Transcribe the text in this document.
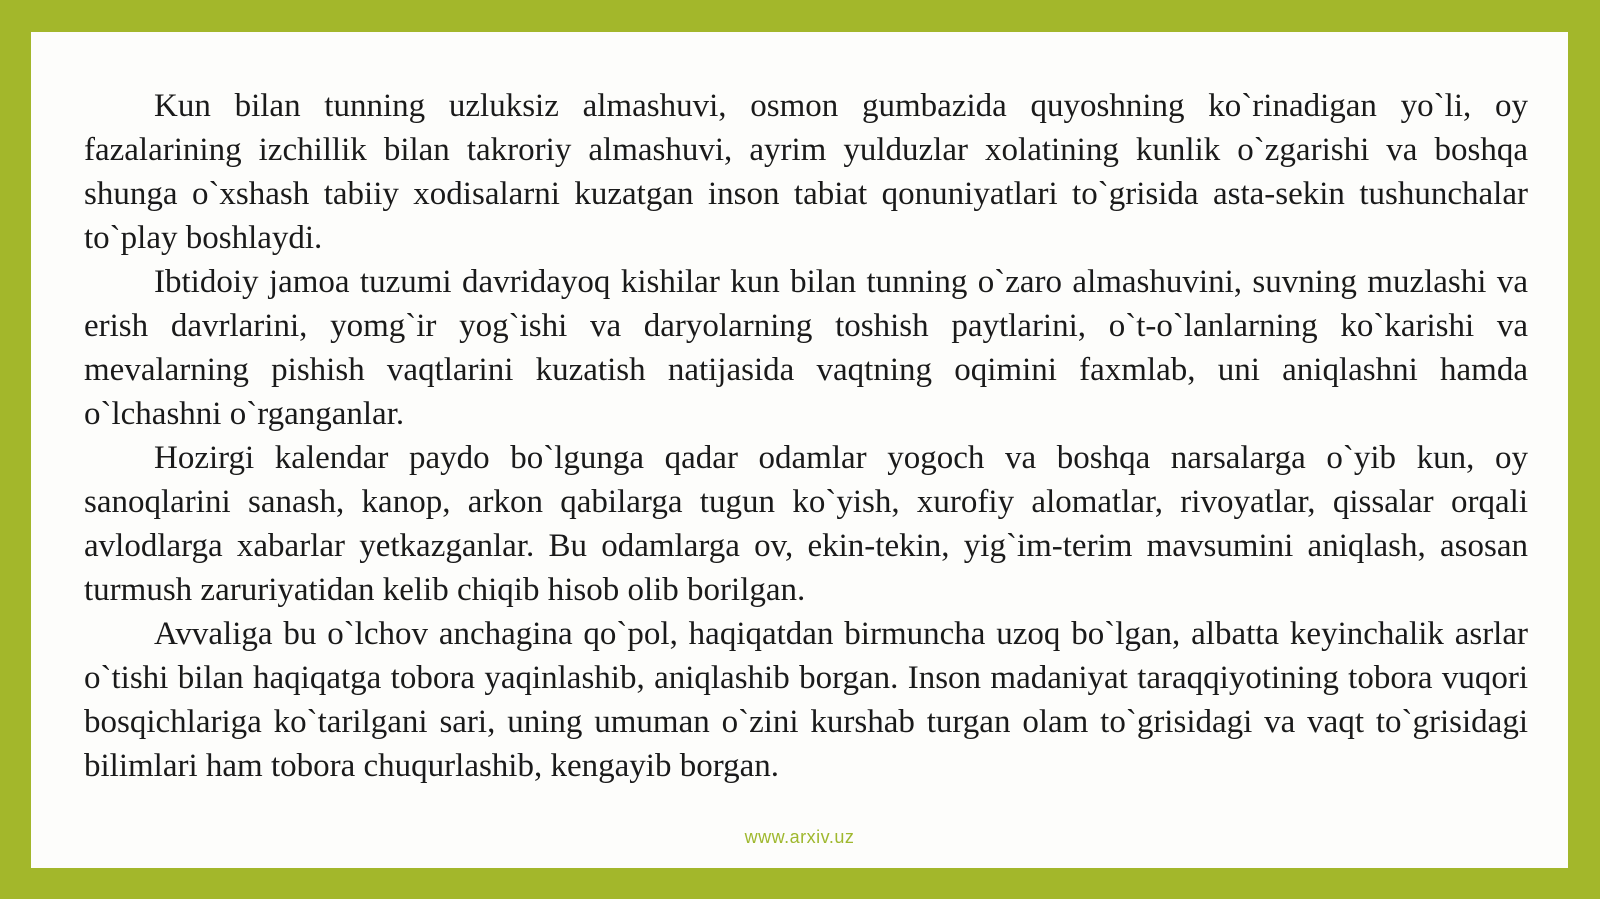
Kun bilan tunning uzluksiz almashuvi, osmon gumbazida quyoshning ko`rinadigan yo`li, oy fazalarining izchillik bilan takroriy almashuvi, ayrim yulduzlar xolatining kunlik o`zgarishi va boshqa shunga o`xshash tabiiy xodisalarni kuzatgan inson tabiat qonuniyatlari to`grisida asta-sekin tushunchalar to`play boshlaydi.

Ibtidoiy jamoa tuzumi davridayoq kishilar kun bilan tunning o`zaro almashuvini, suvning muzlashi va erish davrlarini, yomg`ir yog`ishi va daryolarning toshish paytlarini, o`t-o`lanlarning ko`karishi va mevalarning pishish vaqtlarini kuzatish natijasida vaqtning oqimini faxmlab, uni aniqlashni hamda o`lchashni o`rganganlar.

Hozirgi kalendar paydo bo`lgunga qadar odamlar yogoch va boshqa narsalarga o`yib kun, oy sanoqlarini sanash, kanop, arkon qabilarga tugun ko`yish, xurofiy alomatlar, rivoyatlar, qissalar orqali avlodlarga xabarlar yetkazganlar. Bu odamlarga ov, ekin-tekin, yig`im-terim mavsumini aniqlash, asosan turmush zaruriyatidan kelib chiqib hisob olib borilgan.

Avvaliga bu o`lchov anchagina qo`pol, haqiqatdan birmuncha uzoq bo`lgan, albatta keyinchalik asrlar o`tishi bilan haqiqatga tobora yaqinlashib, aniqlashib borgan. Inson madaniyat taraqqiyotining tobora vuqori bosqichlariga ko`tarilgani sari, uning umuman o`zini kurshab turgan olam to`grisidagi va vaqt to`grisidagi bilimlari ham tobora chuqurlashib, kengayib borgan.

www.arxiv.uz
